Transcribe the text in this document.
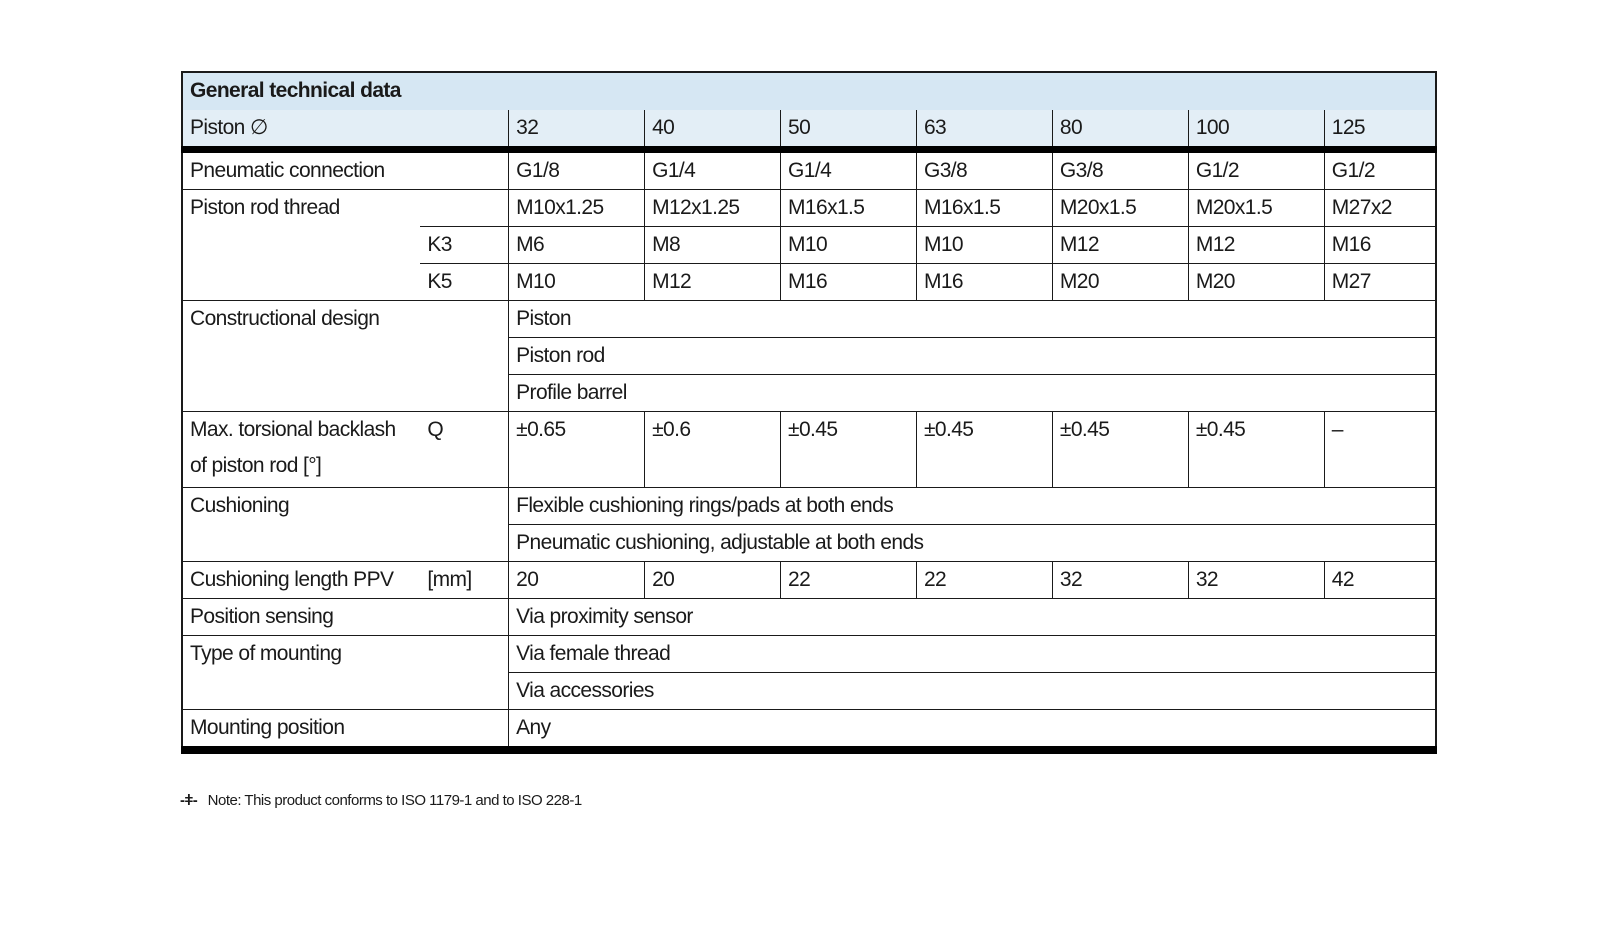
General technical data								
Piston ∅		32	40	50	63	80	100	125
Pneumatic connection		G1/8	G1/4	G1/4	G3/8	G3/8	G1/2	G1/2
Piston rod thread		M10x1.25	M12x1.25	M16x1.5	M16x1.5	M20x1.5	M20x1.5	M27x2
	K3	M6	M8	M10	M10	M12	M12	M16
	K5	M10	M12	M16	M16	M20	M20	M27
Constructional design		Piston						
		Piston rod						
		Profile barrel						

Max. torsional backlash
of piston rod [°]	Q	±0.65	±0.6	±0.45	±0.45	±0.45	±0.45	–
Cushioning		Flexible cushioning rings/pads at both ends						
		Pneumatic cushioning, adjustable at both ends						
Cushioning length PPV	[mm]	20	20	22	22	32	32	42
Position sensing		Via proximity sensor						
Type of mounting		Via female thread						
		Via accessories						
Mounting position		Any						
-ǂ- Note: This product conforms to ISO 1179-1 and to ISO 228-1
